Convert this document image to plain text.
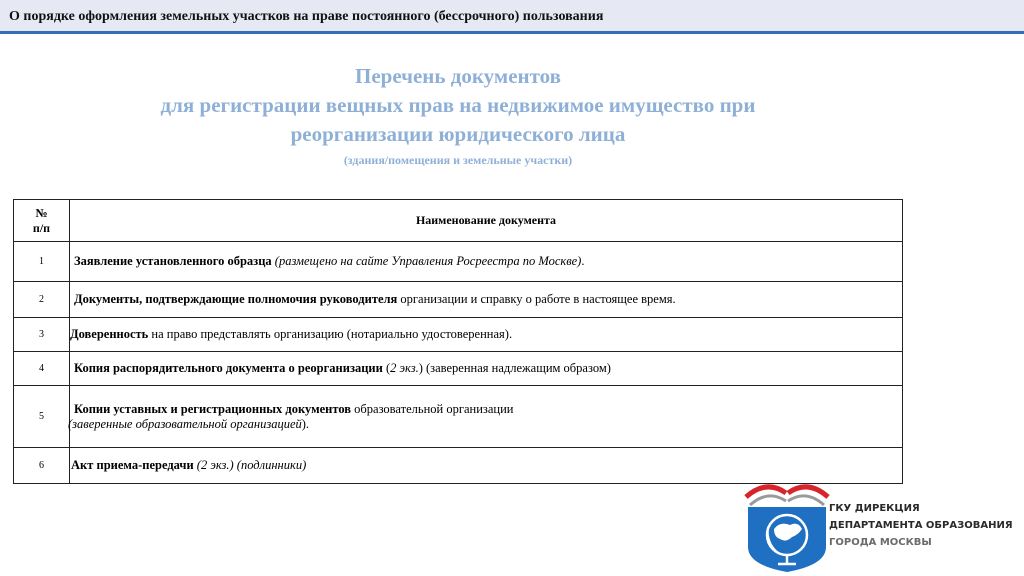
О порядке оформления земельных участков на праве постоянного (бессрочного) пользования
Перечень документов
для регистрации вещных прав на недвижимое имущество при
реорганизации юридического лица
(здания/помещения и земельные участки)
№
п/п	Наименование документа
1	Заявление установленного образца (размещено на сайте Управления Росреестра по Москве).
2	Документы, подтверждающие полномочия руководителя организации и справку о работе в настоящее время.
3	Доверенность на право представлять организацию (нотариально удостоверенная).
4	Копия распорядительного документа о реорганизации (2 экз.) (заверенная надлежащим образом)
5	Копии уставных и регистрационных документов образовательной организации
(заверенные образовательной организацией).

6	Акт приема-передачи (2 экз.) (подлинники)
ГКУ ДИРЕКЦИЯ
ДЕПАРТАМЕНТА ОБРАЗОВАНИЯ
ГОРОДА МОСКВЫ
